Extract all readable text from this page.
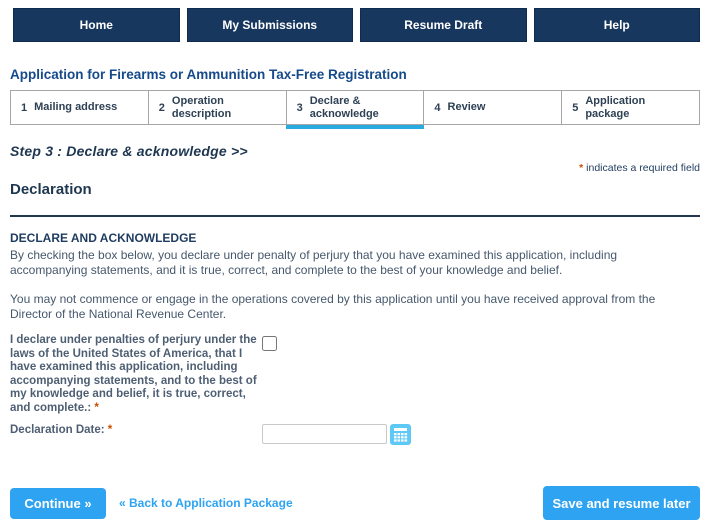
Home	My Submissions	Resume Draft	Help
Application for Firearms or Ammunition Tax-Free Registration
1 Mailing address	2
Operation description	3
Declare & acknowledge	4 Review	5
Application package
Step 3 : Declare & acknowledge >>
* indicates a required field
Declaration
DECLARE AND ACKNOWLEDGE

By checking the box below, you declare under penalty of perjury that you have examined this application, including accompanying statements, and it is true, correct, and complete to the best of your knowledge and belief.

You may not commence or engage in the operations covered by this application until you have received approval from the Director of the National Revenue Center.

I declare under penalties of perjury under the laws of the United States of America, that I have examined this application, including accompanying statements, and to the best of my knowledge and belief, it is true, correct, and complete.: *
Declaration Date: *
Continue »	« Back to Application Package	Save and resume later
